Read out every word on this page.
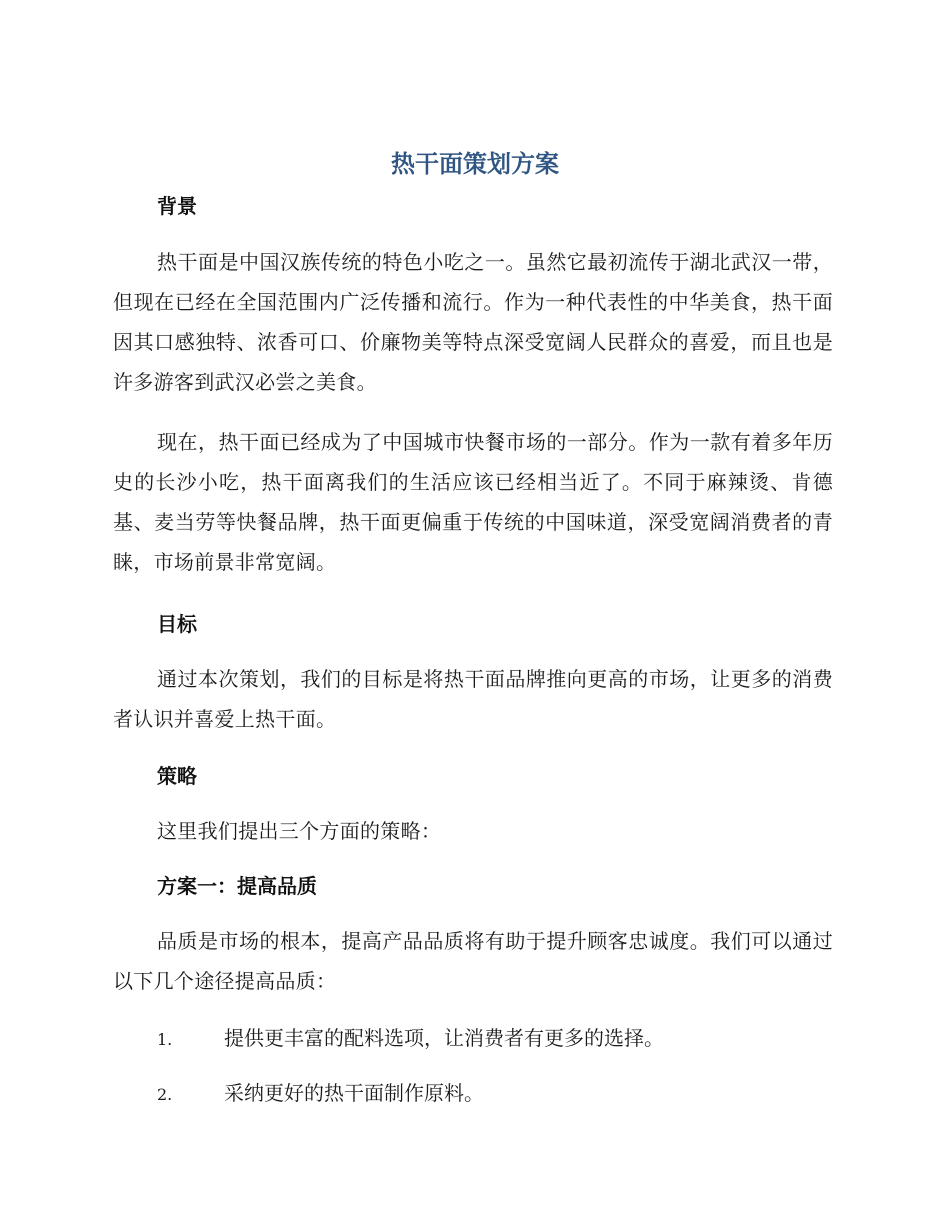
热干面策划方案
背景

热干面是中国汉族传统的特色小吃之一。虽然它最初流传于湖北武汉一带，但现在已经在全国范围内广泛传播和流行。作为一种代表性的中华美食，热干面因其口感独特、浓香可口、价廉物美等特点深受宽阔人民群众的喜爱，而且也是许多游客到武汉必尝之美食。

现在，热干面已经成为了中国城市快餐市场的一部分。作为一款有着多年历史的长沙小吃，热干面离我们的生活应该已经相当近了。不同于麻辣烫、肯德基、麦当劳等快餐品牌，热干面更偏重于传统的中国味道，深受宽阔消费者的青睐，市场前景非常宽阔。

目标

通过本次策划，我们的目标是将热干面品牌推向更高的市场，让更多的消费者认识并喜爱上热干面。

策略

这里我们提出三个方面的策略：

方案一：提高品质

品质是市场的根本，提高产品品质将有助于提升顾客忠诚度。我们可以通过以下几个途径提高品质：

1.	提供更丰富的配料选项，让消费者有更多的选择。
2.	采纳更好的热干面制作原料。
